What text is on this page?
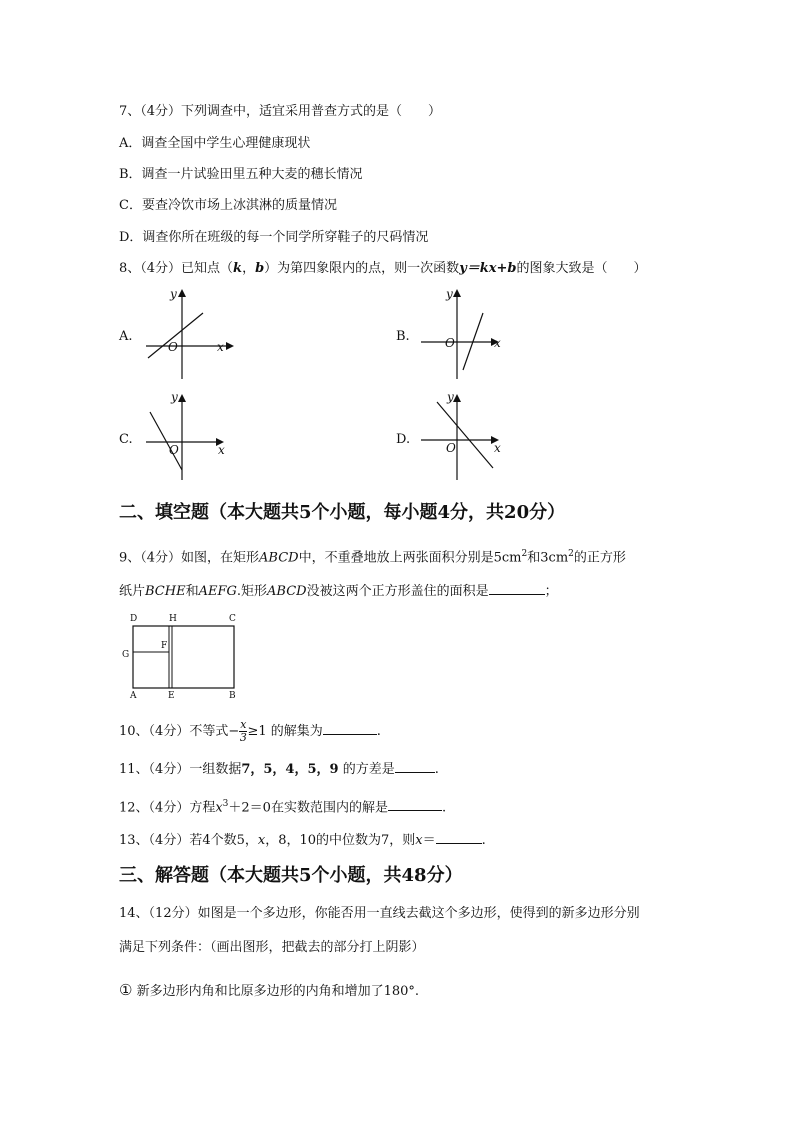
7、（4分）下列调查中，适宜采用普查方式的是（　　）
A．调查全国中学生心理健康现状
B．调查一片试验田里五种大麦的穗长情况
C．要查冷饮市场上冰淇淋的质量情况
D．调查你所在班级的每一个同学所穿鞋子的尺码情况
8、（4分）已知点（k，b）为第四象限内的点，则一次函数y＝kx+b的图象大致是（　　）
A.
y
x
O
B.
y
x
O
C.
y
x
O
D.
y
x
O
二、填空题（本大题共5个小题，每小题4分，共20分）
9、（4分）如图，在矩形ABCD中，不重叠地放上两张面积分别是$5cm^2$和$3cm^2$的正方形
纸片BCHE和AEFG.矩形ABCD没被这两个正方形盖住的面积是	；
D	H	C
G
F
A	E	B
10、（4分）不等式− $\frac{x}{3} \ge 1$ 的解集为	.
11、（4分）一组数据7，5，4，5，9 的方差是	.
12、（4分）方程$x^3+2=0$在实数范围内的解是	.
13、（4分）若4个数5，x，8，10的中位数为7，则x＝	.
三、解答题（本大题共5个小题，共48分）
14、（12分）如图是一个多边形，你能否用一直线去截这个多边形，使得到的新多边形分别
满足下列条件：（画出图形，把截去的部分打上阴影）
① 新多边形内角和比原多边形的内角和增加了180°.
